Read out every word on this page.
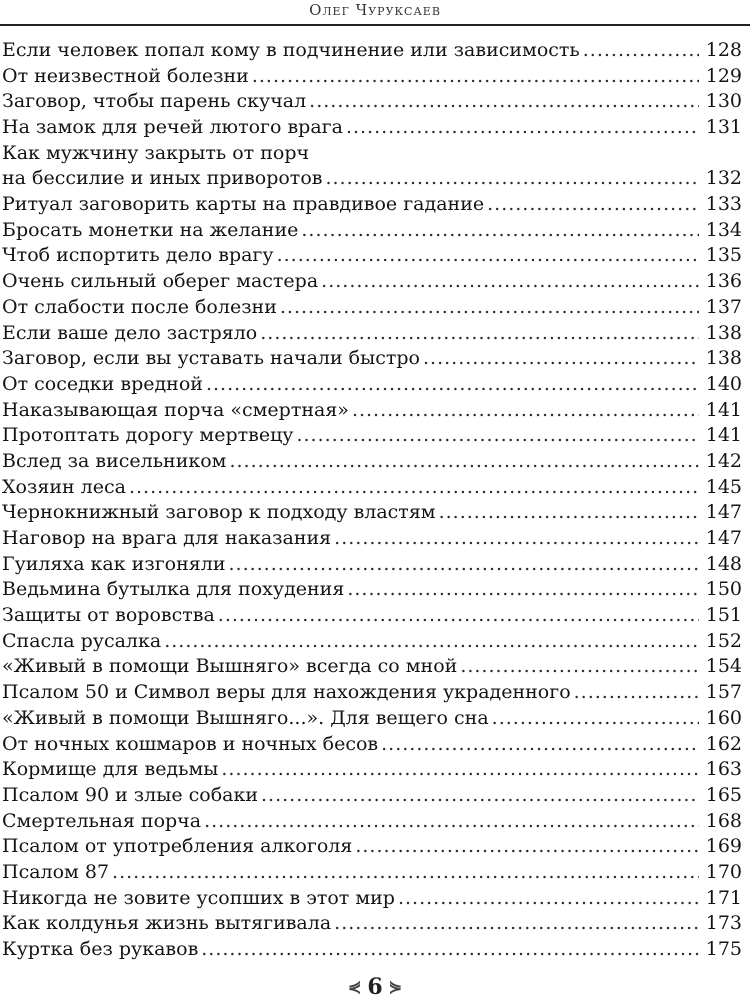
Олег Чуруксаев
Если человек попал кому в подчинение или зависимость .....	128
От неизвестной болезни .....	129
Заговор, чтобы парень скучал .....	130
На замок для речей лютого врага .....	131
Как мужчину закрыть от порч
на бессилие и иных приворотов .....	132
Ритуал заговорить карты на правдивое гадание .....	133
Бросать монетки на желание .....	134
Чтоб испортить дело врагу .....	135
Очень сильный оберег мастера .....	136
От слабости после болезни .....	137
Если ваше дело застряло .....	138
Заговор, если вы уставать начали быстро .....	138
От соседки вредной .....	140
Наказывающая порча «смертная» .....	141
Протоптать дорогу мертвецу .....	141
Вслед за висельником .....	142
Хозяин леса .....	145
Чернокнижный заговор к подходу властям .....	147
Наговор на врага для наказания .....	147
Гуиляха как изгоняли .....	148
Ведьмина бутылка для похудения .....	150
Защиты от воровства .....	151
Спасла русалка .....	152
«Живый в помощи Вышняго» всегда со мной .....	154
Псалом 50 и Символ веры для нахождения украденного .....	157
«Живый в помощи Вышняго...». Для вещего сна .....	160
От ночных кошмаров и ночных бесов .....	162
Кормище для ведьмы .....	163
Псалом 90 и злые собаки .....	165
Смертельная порча .....	168
Псалом от употребления алкоголя .....	169
Псалом 87 .....	170
Никогда не зовите усопших в этот мир .....	171
Как колдунья жизнь вытягивала .....	173
Куртка без рукавов .....	175
⋞ 6 ⋟
